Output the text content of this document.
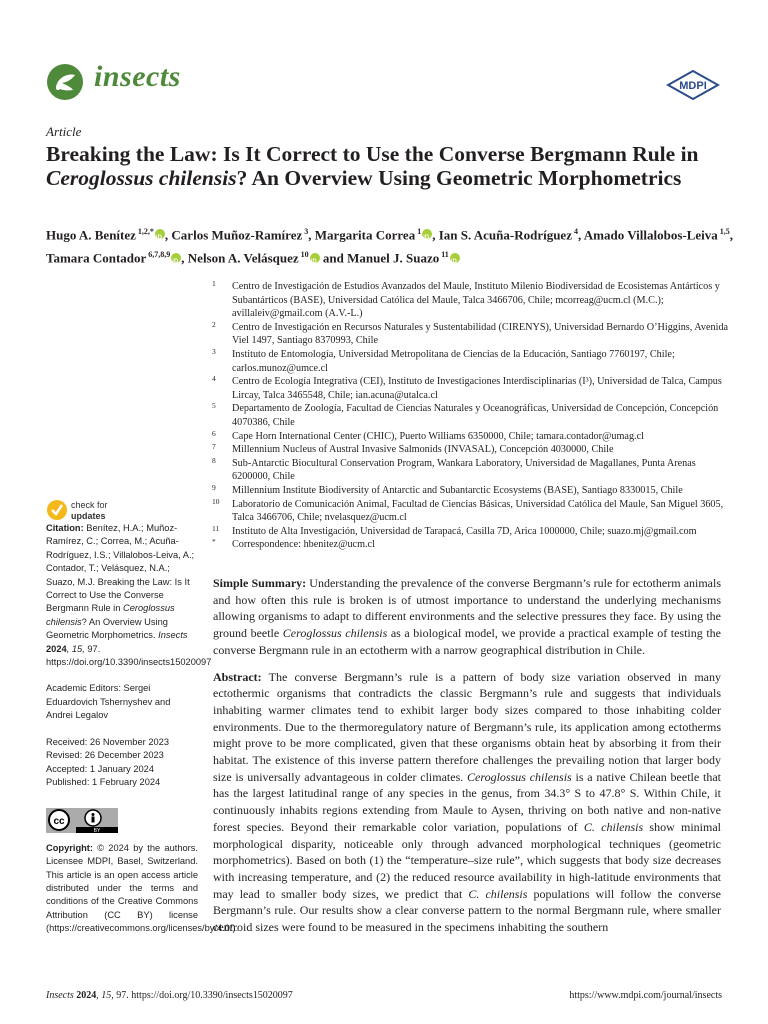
insects	MDPI
Article
Breaking the Law: Is It Correct to Use the Converse Bergmann Rule in Ceroglossus chilensis? An Overview Using Geometric Morphometrics
Hugo A. Benítez $^{1,2,*}$ iD , Carlos Muñoz-Ramírez $^3$, Margarita Correa $^1$ iD , Ian S. Acuña-Rodríguez $^4$, Amado Villalobos-Leiva $^{1,5}$, Tamara Contador $^{6,7,8,9}$ iD , Nelson A. Velásquez $^{10}$iD and Manuel J. Suazo $^{11}$iD
1 Centro de Investigación de Estudios Avanzados del Maule, Instituto Milenio Biodiversidad de Ecosistemas Antárticos y Subantárticos (BASE), Universidad Católica del Maule, Talca 3466706, Chile; mcorreag@ucm.cl (M.C.); avillaleiv@gmail.com (A.V.-L.)
2 Centro de Investigación en Recursos Naturales y Sustentabilidad (CIRENYS), Universidad Bernardo O’Higgins, Avenida Viel 1497, Santiago 8370993, Chile
3 Instituto de Entomología, Universidad Metropolitana de Ciencias de la Educación, Santiago 7760197, Chile; carlos.munoz@umce.cl
4 Centro de Ecología Integrativa (CEI), Instituto de Investigaciones Interdisciplinarias (I³), Universidad de Talca, Campus Lircay, Talca 3465548, Chile; ian.acuna@utalca.cl
5 Departamento de Zoología, Facultad de Ciencias Naturales y Oceanográficas, Universidad de Concepción, Concepción 4070386, Chile
6 Cape Horn International Center (CHIC), Puerto Williams 6350000, Chile; tamara.contador@umag.cl
7 Millennium Nucleus of Austral Invasive Salmonids (INVASAL), Concepción 4030000, Chile
8 Sub-Antarctic Biocultural Conservation Program, Wankara Laboratory, Universidad de Magallanes, Punta Arenas 6200000, Chile
9 Millennium Institute Biodiversity of Antarctic and Subantarctic Ecosystems (BASE), Santiago 8330015, Chile
10 Laboratorio de Comunicación Animal, Facultad de Ciencias Básicas, Universidad Católica del Maule, San Miguel 3605, Talca 3466706, Chile; nvelasquez@ucm.cl
11 Instituto de Alta Investigación, Universidad de Tarapacá, Casilla 7D, Arica 1000000, Chile; suazo.mj@gmail.com
* Correspondence: hbenitez@ucm.cl
check for
updates
Citation: Benítez, H.A.; Muñoz-Ramírez, C.; Correa, M.; Acuña-Rodríguez, I.S.; Villalobos-Leiva, A.; Contador, T.; Velásquez, N.A.; Suazo, M.J. Breaking the Law: Is It Correct to Use the Converse Bergmann Rule in Ceroglossus chilensis? An Overview Using Geometric Morphometrics. Insects 2024, 15, 97. https://doi.org/10.3390/insects15020097
Academic Editors: Sergei Eduardovich Tshernyshev and Andrei Legalov
Received: 26 November 2023
Revised: 26 December 2023
Accepted: 1 January 2024
Published: 1 February 2024
cc
BY
Copyright: © 2024 by the authors. Licensee MDPI, Basel, Switzerland. This article is an open access article distributed under the terms and conditions of the Creative Commons Attribution (CC BY) license (https://creativecommons.org/licenses/by/4.0/).

Simple Summary: Understanding the prevalence of the converse Bergmann’s rule for ectotherm animals and how often this rule is broken is of utmost importance to understand the underlying mechanisms allowing organisms to adapt to different environments and the selective pressures they face. By using the ground beetle Ceroglossus chilensis as a biological model, we provide a practical example of testing the converse Bergmann rule in an ectotherm with a narrow geographical distribution in Chile.

Abstract: The converse Bergmann’s rule is a pattern of body size variation observed in many ectothermic organisms that contradicts the classic Bergmann’s rule and suggests that individuals inhabiting warmer climates tend to exhibit larger body sizes compared to those inhabiting colder environments. Due to the thermoregulatory nature of Bergmann’s rule, its application among ectotherms might prove to be more complicated, given that these organisms obtain heat by absorbing it from their habitat. The existence of this inverse pattern therefore challenges the prevailing notion that larger body size is universally advantageous in colder climates. Ceroglossus chilensis is a native Chilean beetle that has the largest latitudinal range of any species in the genus, from 34.3° S to 47.8° S. Within Chile, it continuously inhabits regions extending from Maule to Aysen, thriving on both native and non-native forest species. Beyond their remarkable color variation, populations of C. chilensis show minimal morphological disparity, noticeable only through advanced morphological techniques (geometric morphometrics). Based on both (1) the “temperature–size rule”, which suggests that body size decreases with increasing temperature, and (2) the reduced resource availability in high-latitude environments that may lead to smaller body sizes, we predict that C. chilensis populations will follow the converse Bergmann’s rule. Our results show a clear converse pattern to the normal Bergmann rule, where smaller centroid sizes were found to be measured in the specimens inhabiting the southern

Insects 2024, 15, 97. https://doi.org/10.3390/insects15020097	https://www.mdpi.com/journal/insects
